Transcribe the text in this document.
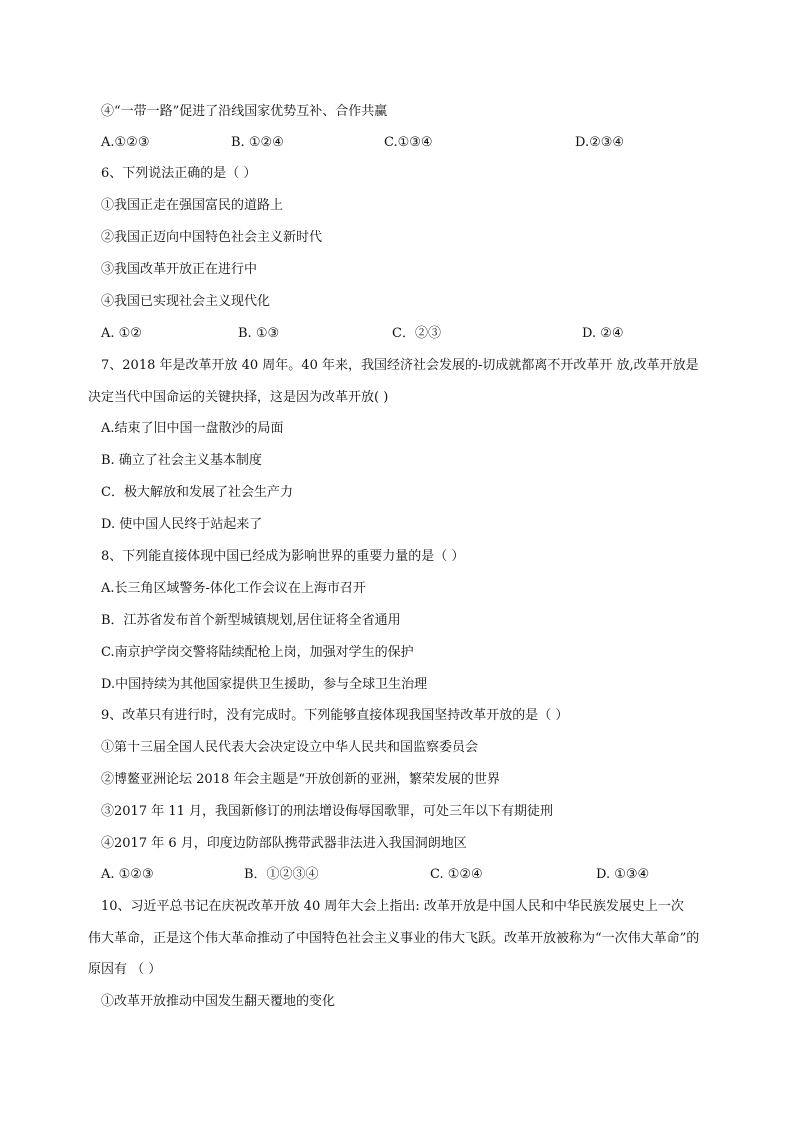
④“一带一路”促进了沿线国家优势互补、合作共赢
A.①②③	B. ①②④	C.①③④	D.②③④
6、下列说法正确的是（ ）
①我国正走在强国富民的道路上
②我国正迈向中国特色社会主义新时代
③我国改革开放正在进行中
④我国已实现社会主义现代化
A. ①②	B. ①③	C．②③	D. ②④
7、2018 年是改革开放 40 周年。40 年来，我国经济社会发展的-切成就都离不开改革开 放,改革开放是
决定当代中国命运的关键抉择，这是因为改革开放( )
A.结束了旧中国一盘散沙的局面
B. 确立了社会主义基本制度
C．极大解放和发展了社会生产力
D. 使中国人民终于站起来了
8、下列能直接体现中国已经成为影响世界的重要力量的是（ ）
A.长三角区域警务-体化工作会议在上海市召开
B．江苏省发布首个新型城镇规划,居住证将全省通用
C.南京护学岗交警将陆续配枪上岗，加强对学生的保护
D.中国持续为其他国家提供卫生援助，参与全球卫生治理
9、改革只有进行时，没有完成时。下列能够直接体现我国坚持改革开放的是（ ）
①第十三届全国人民代表大会决定设立中华人民共和国监察委员会
②博鳌亚洲论坛 2018 年会主题是“开放创新的亚洲，繁荣发展的世界
③2017 年 11 月，我国新修订的刑法增设侮辱国歌罪，可处三年以下有期徒刑
④2017 年 6 月，印度边防部队携带武器非法进入我国洞朗地区
A. ①②③	B．①②③④	C. ①②④	D. ①③④
10、习近平总书记在庆祝改革开放 40 周年大会上指出: 改革开放是中国人民和中华民族发展史上一次
伟大革命，正是这个伟大革命推动了中国特色社会主义事业的伟大飞跃。改革开放被称为“一次伟大革命”的
原因有 （ ）
①改革开放推动中国发生翻天覆地的变化
